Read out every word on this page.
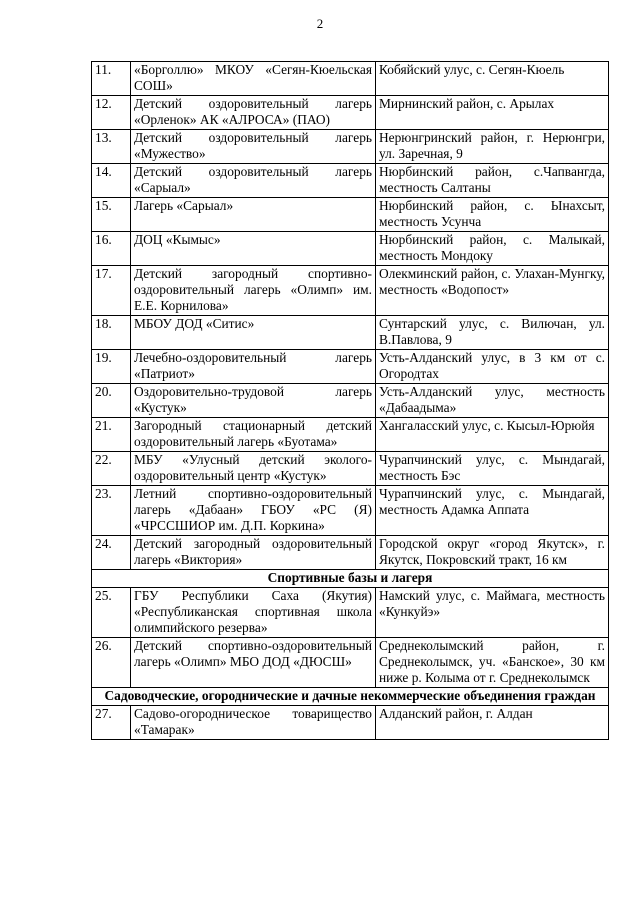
2
11.	«Борголлю» МКОУ «Сегян-Кюельская СОШ»	Кобяйский улус, с. Сегян-Кюель
12.	Детский оздоровительный лагерь «Орленок» АК «АЛРОСА» (ПАО)	Мирнинский район, с. Арылах
13.	Детский оздоровительный лагерь «Мужество»	Нерюнгринский район, г. Нерюнгри, ул. Заречная, 9
14.	Детский оздоровительный лагерь «Сарыал»	Нюрбинский район, с.Чапвангда, местность Салтаны
15.	Лагерь «Сарыал»	Нюрбинский район, с. Ынахсыт, местность Усунча
16.	ДОЦ «Кымыс»	Нюрбинский район, с. Малыкай, местность Мондоку
17.	Детский загородный спортивно-оздоровительный лагерь «Олимп» им. Е.Е. Корнилова»	Олекминский район, с. Улахан-Мунгку, местность «Водопост»
18.	МБОУ ДОД «Ситис»	Сунтарский улус, с. Вилючан, ул. В.Павлова, 9
19.	Лечебно-оздоровительный лагерь «Патриот»	Усть-Алданский улус, в 3 км от с. Огородтах
20.	Оздоровительно-трудовой лагерь «Кустук»	Усть-Алданский улус, местность «Дабаадыма»
21.	Загородный стационарный детский оздоровительный лагерь «Буотама»	Хангаласский улус, с. Кысыл-Юрюйя
22.	МБУ «Улусный детский эколого-оздоровительный центр «Кустук»	Чурапчинский улус, с. Мындагай, местность Бэс
23.	Летний спортивно-оздоровительный лагерь «Дабаан» ГБОУ «РС (Я) «ЧРССШИОР им. Д.П. Коркина»	Чурапчинский улус, с. Мындагай, местность Адамка Аппата
24.	Детский загородный оздоровительный лагерь «Виктория»	Городской округ «город Якутск», г. Якутск, Покровский тракт, 16 км
Спортивные базы и лагеря		
25.	ГБУ Республики Саха (Якутия) «Республиканская спортивная школа олимпийского резерва»	Намский улус, с. Маймага, местность «Кункуйэ»
26.	Детский спортивно-оздоровительный лагерь «Олимп» МБО ДОД «ДЮСШ»	Среднеколымский район, г. Среднеколымск, уч. «Банское», 30 км ниже р. Колыма от г. Среднеколымск
Садоводческие, огороднические и дачные некоммерческие объединения граждан		
27.	Садово-огородническое товарищество «Тамарак»	Алданский район, г. Алдан
